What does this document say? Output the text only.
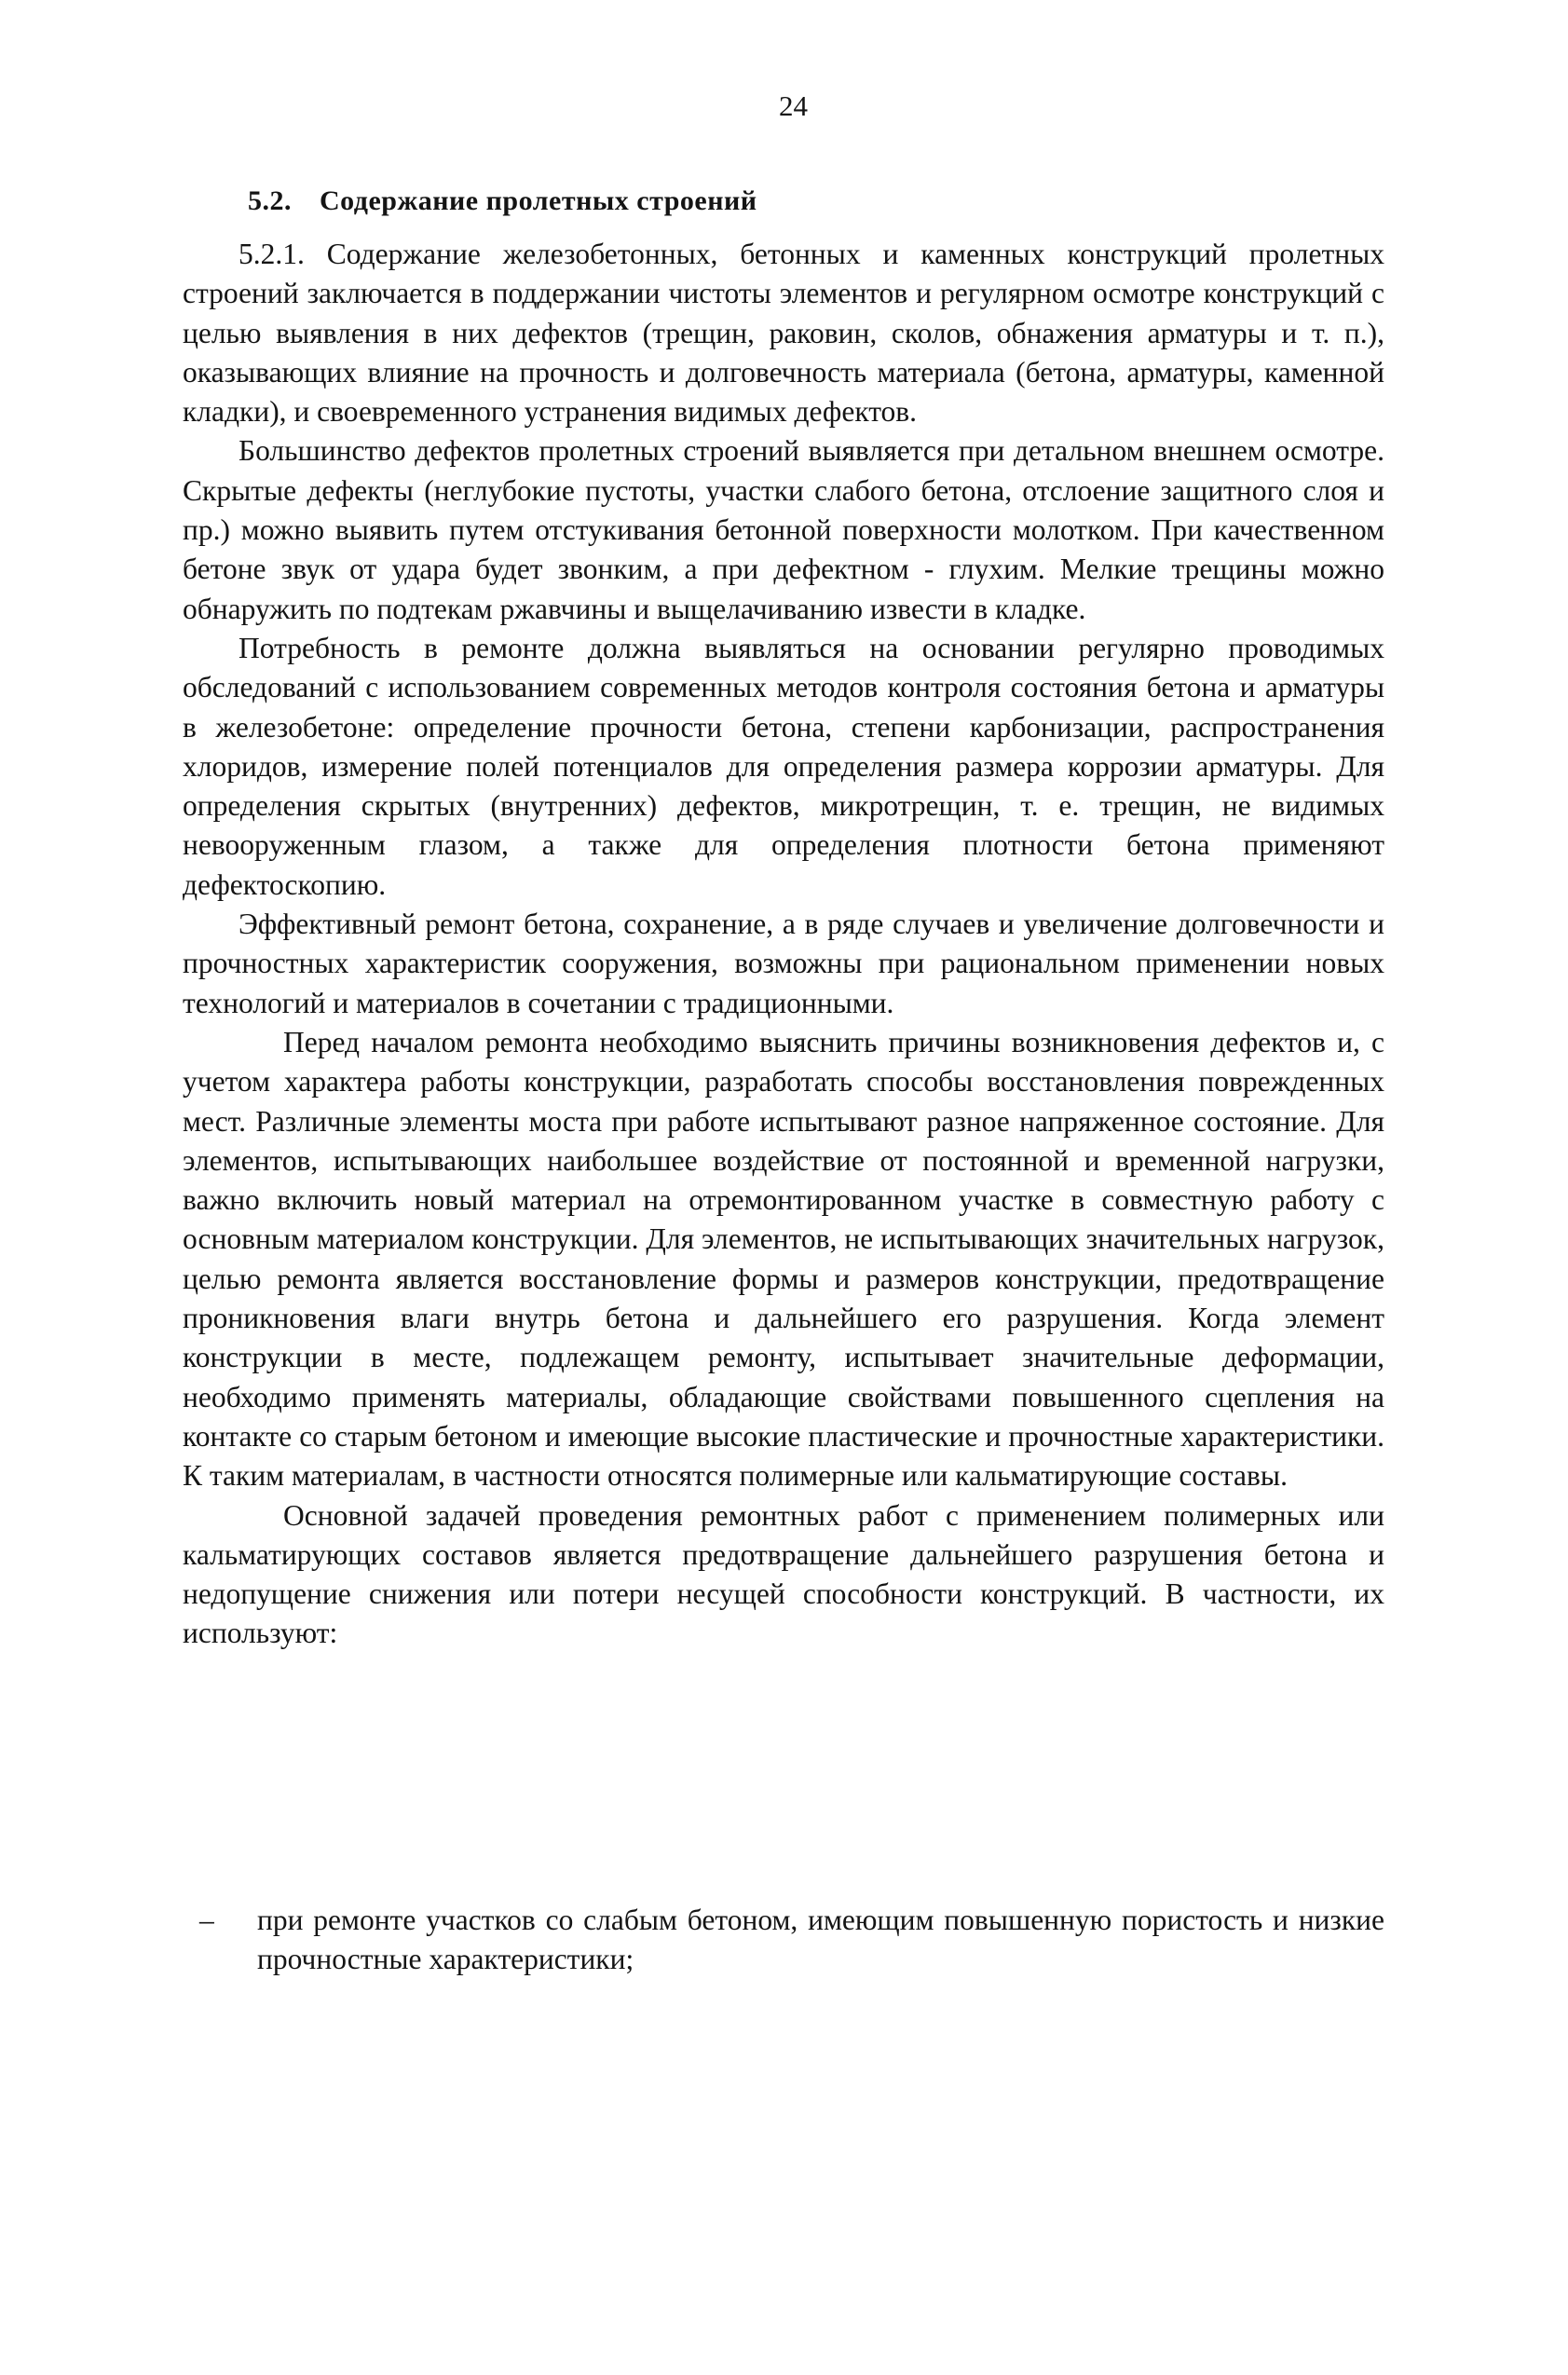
24
5.2. Содержание пролетных строений

5.2.1. Содержание железобетонных, бетонных и каменных конструкций пролетных строений заключается в поддержании чистоты элементов и регулярном осмотре конструкций с целью выявления в них дефектов (трещин, раковин, сколов, обнажения арматуры и т. п.), оказывающих влияние на прочность и долговечность материала (бетона, арматуры, каменной кладки), и своевременного устранения видимых дефектов.

Большинство дефектов пролетных строений выявляется при детальном внешнем осмотре. Скрытые дефекты (неглубокие пустоты, участки слабого бетона, отслоение защитного слоя и пр.) можно выявить путем отстукивания бетонной поверхности молотком. При качественном бетоне звук от удара будет звонким, а при дефектном - глухим. Мелкие трещины можно обнаружить по подтекам ржавчины и выщелачиванию извести в кладке.

Потребность в ремонте должна выявляться на основании регулярно проводимых обследований с использованием современных методов контроля состояния бетона и арматуры в железобетоне: определение прочности бетона, степени карбонизации, распространения хлоридов, измерение полей потенциалов для определения размера коррозии арматуры. Для определения скрытых (внутренних) дефектов, микротрещин, т. е. трещин, не видимых невооруженным глазом, а также для определения плотности бетона применяют дефектоскопию.

Эффективный ремонт бетона, сохранение, а в ряде случаев и увеличение долговечности и прочностных характеристик сооружения, возможны при рациональном применении новых технологий и материалов в сочетании с традиционными.

Перед началом ремонта необходимо выяснить причины возникновения дефектов и, с учетом характера работы конструкции, разработать способы восстановления поврежденных мест. Различные элементы моста при работе испытывают разное напряженное состояние. Для элементов, испытывающих наибольшее воздействие от постоянной и временной нагрузки, важно включить новый материал на отремонтированном участке в совместную работу с основным материалом конструкции. Для элементов, не испытывающих значительных нагрузок, целью ремонта является восстановление формы и размеров конструкции, предотвращение проникновения влаги внутрь бетона и дальнейшего его разрушения. Когда элемент конструкции в месте, подлежащем ремонту, испытывает значительные деформации, необходимо применять материалы, обладающие свойствами повышенного сцепления на контакте со старым бетоном и имеющие высокие пластические и прочностные характеристики. К таким материалам, в частности относятся полимерные или кальматирующие составы.

Основной задачей проведения ремонтных работ с применением полимерных или кальматирующих составов является предотвращение дальнейшего разрушения бетона и недопущение снижения или потери несущей способности конструкций. В частности, их используют:

– при ремонте участков со слабым бетоном, имеющим повышенную пористость и низкие прочностные характеристики;
